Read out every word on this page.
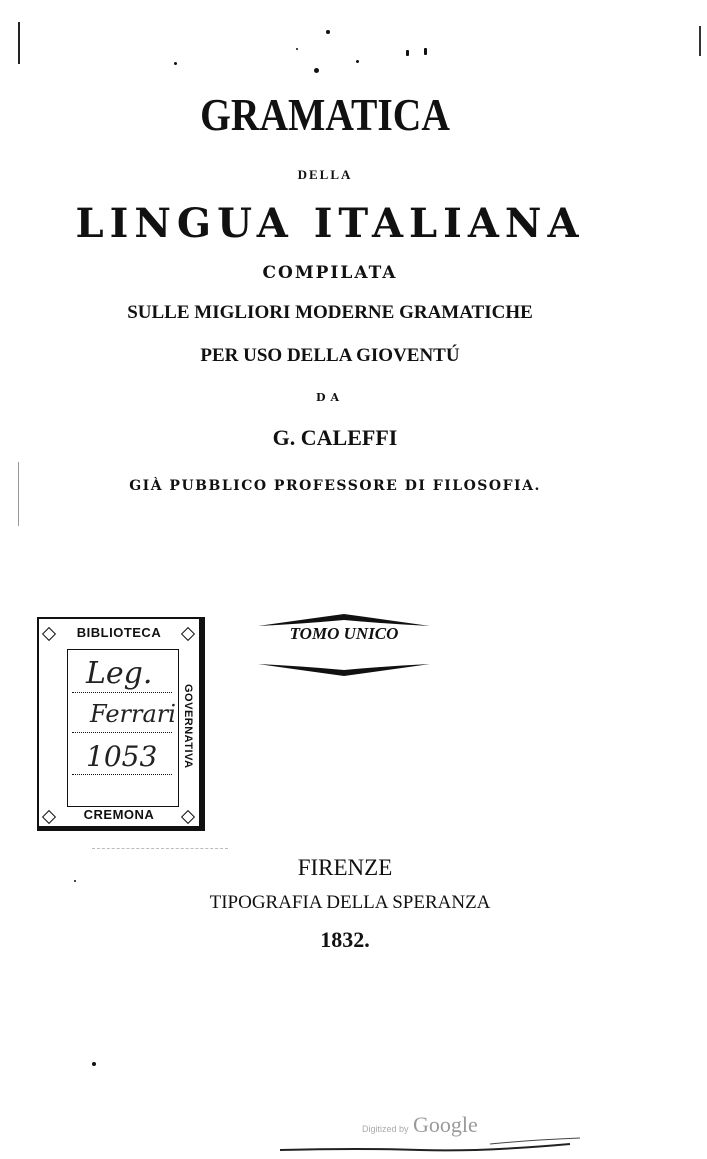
GRAMATICA
DELLA
LINGUA ITALIANA
COMPILATA
SULLE MIGLIORI MODERNE GRAMATICHE
PER USO DELLA GIOVENTÚ
DA
G. CALEFFI
GIÀ PUBBLICO PROFESSORE DI FILOSOFIA.
BIBLIOTECA
Leg.
Ferrari
1053 GOVERNATIVA
CREMONA
TOMO UNICO
FIRENZE
TIPOGRAFIA DELLA SPERANZA
1832.
Digitized by Google
